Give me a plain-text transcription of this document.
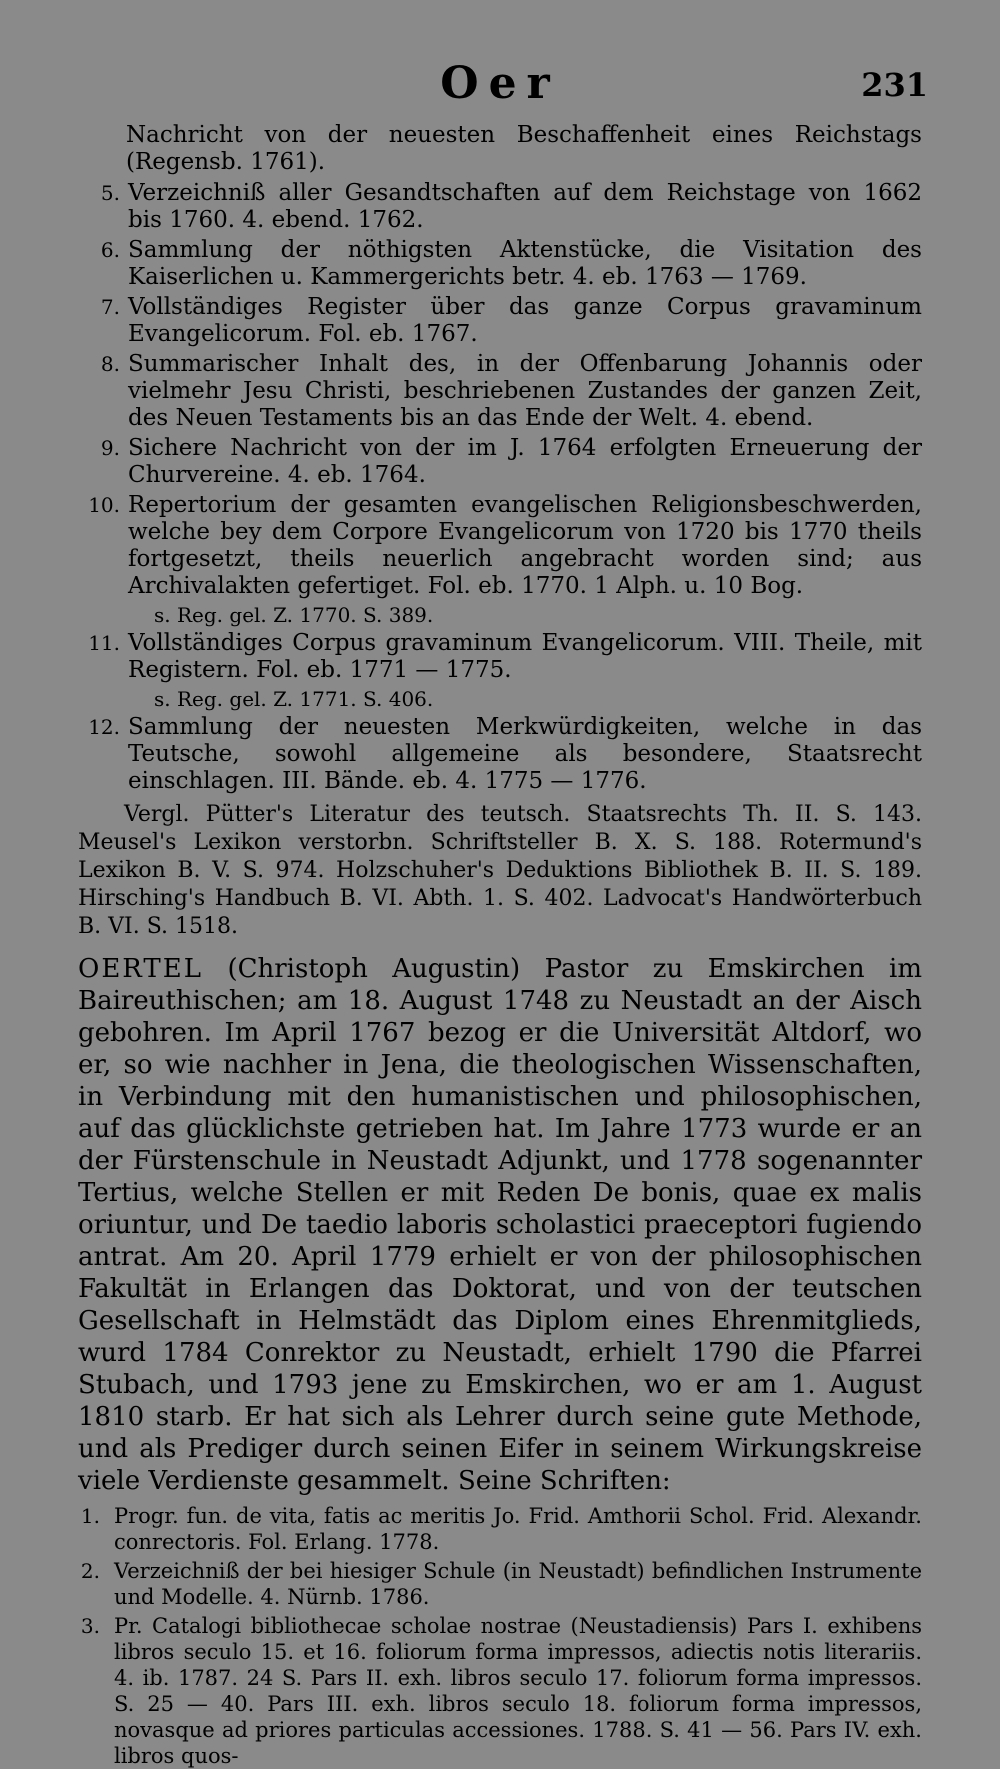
Oer	231

Nachricht von der neuesten Beschaffenheit eines Reichstags (Regensb. 1761).

5. Verzeichniß aller Gesandtschaften auf dem Reichstage von 1662 bis 1760. 4. ebend. 1762.
6. Sammlung der nöthigsten Aktenstücke, die Visitation des Kaiserlichen u. Kammergerichts betr. 4. eb. 1763 — 1769.
7. Vollständiges Register über das ganze Corpus gravaminum Evangelicorum. Fol. eb. 1767.
8. Summarischer Inhalt des, in der Offenbarung Johannis oder vielmehr Jesu Christi, beschriebenen Zustandes der ganzen Zeit, des Neuen Testaments bis an das Ende der Welt. 4. ebend.
9. Sichere Nachricht von der im J. 1764 erfolgten Erneuerung der Churvereine. 4. eb. 1764.
10. Repertorium der gesamten evangelischen Religionsbeschwerden, welche bey dem Corpore Evangelicorum von 1720 bis 1770 theils fortgesetzt, theils neuerlich angebracht worden sind; aus Archivalakten gefertiget. Fol. eb. 1770. 1 Alph. u. 10 Bog.
s. Reg. gel. Z. 1770. S. 389.
11. Vollständiges Corpus gravaminum Evangelicorum. VIII. Theile, mit Registern. Fol. eb. 1771 — 1775.
s. Reg. gel. Z. 1771. S. 406.
12. Sammlung der neuesten Merkwürdigkeiten, welche in das Teutsche, sowohl allgemeine als besondere, Staatsrecht einschlagen. III. Bände. eb. 4. 1775 — 1776.

Vergl. Pütter's Literatur des teutsch. Staatsrechts Th. II. S. 143. Meusel's Lexikon verstorbn. Schriftsteller B. X. S. 188. Rotermund's Lexikon B. V. S. 974. Holzschuher's Deduktions Bibliothek B. II. S. 189. Hirsching's Handbuch B. VI. Abth. 1. S. 402. Ladvocat's Handwörterbuch B. VI. S. 1518.

OERTEL (Christoph Augustin) Pastor zu Emskirchen im Baireuthischen; am 18. August 1748 zu Neustadt an der Aisch gebohren. Im April 1767 bezog er die Universität Altdorf, wo er, so wie nachher in Jena, die theologischen Wissenschaften, in Verbindung mit den humanistischen und philosophischen, auf das glücklichste getrieben hat. Im Jahre 1773 wurde er an der Fürstenschule in Neustadt Adjunkt, und 1778 sogenannter Tertius, welche Stellen er mit Reden De bonis, quae ex malis oriuntur, und De taedio laboris scholastici praeceptori fugiendo antrat. Am 20. April 1779 erhielt er von der philosophischen Fakultät in Erlangen das Doktorat, und von der teutschen Gesellschaft in Helmstädt das Diplom eines Ehrenmitglieds, wurd 1784 Conrektor zu Neustadt, erhielt 1790 die Pfarrei Stubach, und 1793 jene zu Emskirchen, wo er am 1. August 1810 starb. Er hat sich als Lehrer durch seine gute Methode, und als Prediger durch seinen Eifer in seinem Wirkungskreise viele Verdienste gesammelt. Seine Schriften:

1. Progr. fun. de vita, fatis ac meritis Jo. Frid. Amthorii Schol. Frid. Alexandr. conrectoris. Fol. Erlang. 1778.
2. Verzeichniß der bei hiesiger Schule (in Neustadt) befindlichen Instrumente und Modelle. 4. Nürnb. 1786.
3. Pr. Catalogi bibliothecae scholae nostrae (Neustadiensis) Pars I. exhibens libros seculo 15. et 16. foliorum forma impressos, adiectis notis literariis. 4. ib. 1787. 24 S. Pars II. exh. libros seculo 17. foliorum forma impressos. S. 25 — 40. Pars III. exh. libros seculo 18. foliorum forma impressos, novasque ad priores particulas accessiones. 1788. S. 41 — 56. Pars IV. exh. libros quos-
